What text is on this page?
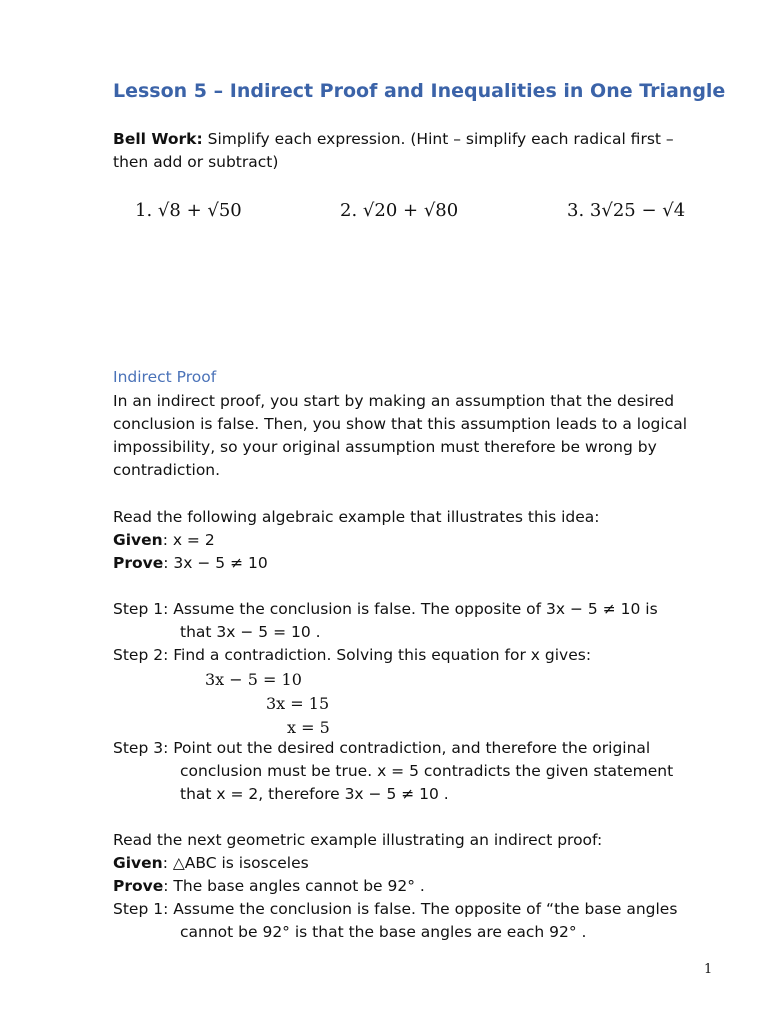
Lesson 5 – Indirect Proof and Inequalities in One Triangle
Bell Work: Simplify each expression. (Hint – simplify each radical first –
then add or subtract)
1. √8 + √50	2. √20 + √80	3. 3√25 − √4
Indirect Proof
In an indirect proof, you start by making an assumption that the desired
conclusion is false. Then, you show that this assumption leads to a logical
impossibility, so your original assumption must therefore be wrong by
contradiction.
Read the following algebraic example that illustrates this idea:
Given: x = 2
Prove: 3x − 5 ≠ 10
Step 1: Assume the conclusion is false. The opposite of 3x − 5 ≠ 10 is
that 3x − 5 = 10 .
Step 2: Find a contradiction. Solving this equation for x gives:
3x − 5 = 10
3x = 15
x = 5
Step 3: Point out the desired contradiction, and therefore the original
conclusion must be true. x = 5 contradicts the given statement
that x = 2, therefore 3x − 5 ≠ 10 .
Read the next geometric example illustrating an indirect proof:
Given: △ABC is isosceles
Prove: The base angles cannot be 92° .
Step 1: Assume the conclusion is false. The opposite of “the base angles
cannot be 92° is that the base angles are each 92° .
1
